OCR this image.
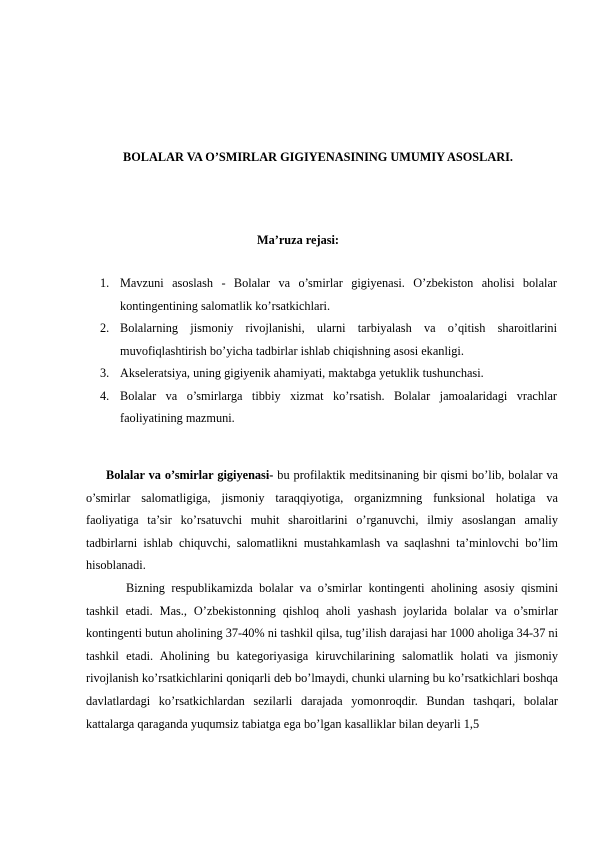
BOLALAR VA O’SMIRLAR GIGIYENASINING UMUMIY ASOSLARI.
Ma’ruza rejasi:
1. Mavzuni asoslash - Bolalar va o’smirlar gigiyenasi. O’zbekiston aholisi bolalar kontingentining salomatlik ko’rsatkichlari.
2. Bolalarning jismoniy rivojlanishi, ularni tarbiyalash va o’qitish sharoitlarini muvofiqlashtirish bo’yicha tadbirlar ishlab chiqishning asosi ekanligi.
3. Akseleratsiya, uning gigiyenik ahamiyati, maktabga yetuklik tushunchasi.
4. Bolalar va o’smirlarga tibbiy xizmat ko’rsatish. Bolalar jamoalaridagi vrachlar faoliyatining mazmuni.

Bolalar va o’smirlar gigiyenasi- bu profilaktik meditsinaning bir qismi bo’lib, bolalar va o’smirlar salomatligiga, jismoniy taraqqiyotiga, organizmning funksional holatiga va faoliyatiga ta’sir ko’rsatuvchi muhit sharoitlarini o’rganuvchi, ilmiy asoslangan amaliy tadbirlarni ishlab chiquvchi, salomatlikni mustahkamlash va saqlashni ta’minlovchi bo’lim hisoblanadi.

Bizning respublikamizda bolalar va o’smirlar kontingenti aholining asosiy qismini tashkil etadi. Mas., O’zbekistonning qishloq aholi yashash joylarida bolalar va o’smirlar kontingenti butun aholining 37-40% ni tashkil qilsa, tug’ilish darajasi har 1000 aholiga 34-37 ni tashkil etadi. Aholining bu kategoriyasiga kiruvchilarining salomatlik holati va jismoniy rivojlanish ko’rsatkichlarini qoniqarli deb bo’lmaydi, chunki ularning bu ko’rsatkichlari boshqa davlatlardagi ko’rsatkichlardan sezilarli darajada yomonroqdir. Bundan tashqari, bolalar kattalarga qaraganda yuqumsiz tabiatga ega bo’lgan kasalliklar bilan deyarli 1,5
